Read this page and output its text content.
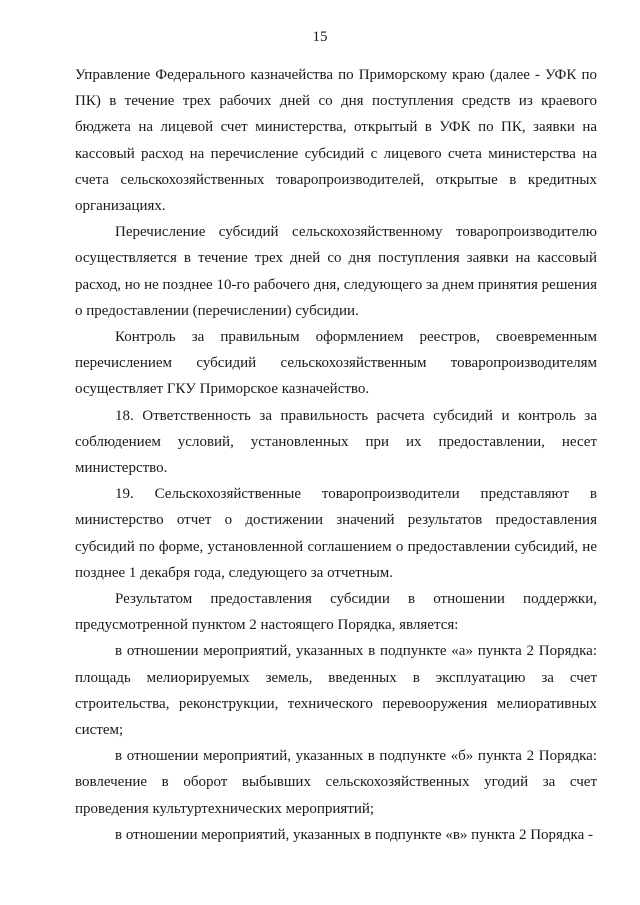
15

Управление Федерального казначейства по Приморскому краю (далее - УФК по ПК) в течение трех рабочих дней со дня поступления средств из краевого бюджета на лицевой счет министерства, открытый в УФК по ПК, заявки на кассовый расход на перечисление субсидий с лицевого счета министерства на счета сельскохозяйственных товаропроизводителей, открытые в кредитных организациях.

Перечисление субсидий сельскохозяйственному товаропроизводителю осуществляется в течение трех дней со дня поступления заявки на кассовый расход, но не позднее 10-го рабочего дня, следующего за днем принятия решения о предоставлении (перечислении) субсидии.

Контроль за правильным оформлением реестров, своевременным перечислением субсидий сельскохозяйственным товаропроизводителям осуществляет ГКУ Приморское казначейство.

18. Ответственность за правильность расчета субсидий и контроль за соблюдением условий, установленных при их предоставлении, несет министерство.

19. Сельскохозяйственные товаропроизводители представляют в министерство отчет о достижении значений результатов предоставления субсидий по форме, установленной соглашением о предоставлении субсидий, не позднее 1 декабря года, следующего за отчетным.

Результатом предоставления субсидии в отношении поддержки, предусмотренной пунктом 2 настоящего Порядка, является:

в отношении мероприятий, указанных в подпункте «а» пункта 2 Порядка: площадь мелиорируемых земель, введенных в эксплуатацию за счет строительства, реконструкции, технического перевооружения мелиоративных систем;

в отношении мероприятий, указанных в подпункте «б» пункта 2 Порядка: вовлечение в оборот выбывших сельскохозяйственных угодий за счет проведения культуртехнических мероприятий;

в отношении мероприятий, указанных в подпункте «в» пункта 2 Порядка -
